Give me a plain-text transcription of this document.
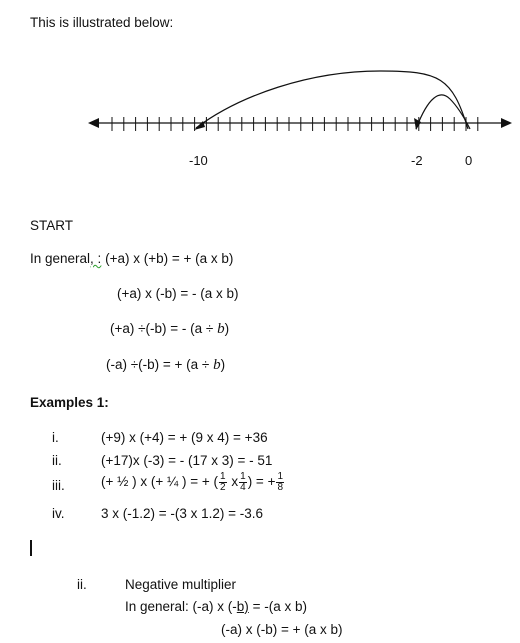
This is illustrated below:
-10	-2	0
START
In general, : (+a) x (+b) = + (a x b)
(+a) x (-b) = - (a x b)
(+a) ÷(-b) = - (a ÷ b)
(-a) ÷(-b) = + (a ÷ b)
Examples 1:
i.	(+9) x (+4) = + (9 x 4) = +36
ii.	(+17)x (-3) = - (17 x 3) = - 51
iii.	(+ ½ ) x (+ ¼ ) = + ( $\frac{1}{2}$ x $\frac{1}{4}$ ) = + $\frac{1}{8}$
iv.	3 x (-1.2) = -(3 x 1.2) = -3.6
ii.	Negative multiplier
In general: (-a) x (-b) = -(a x b)
(-a) x (-b) = + (a x b)
